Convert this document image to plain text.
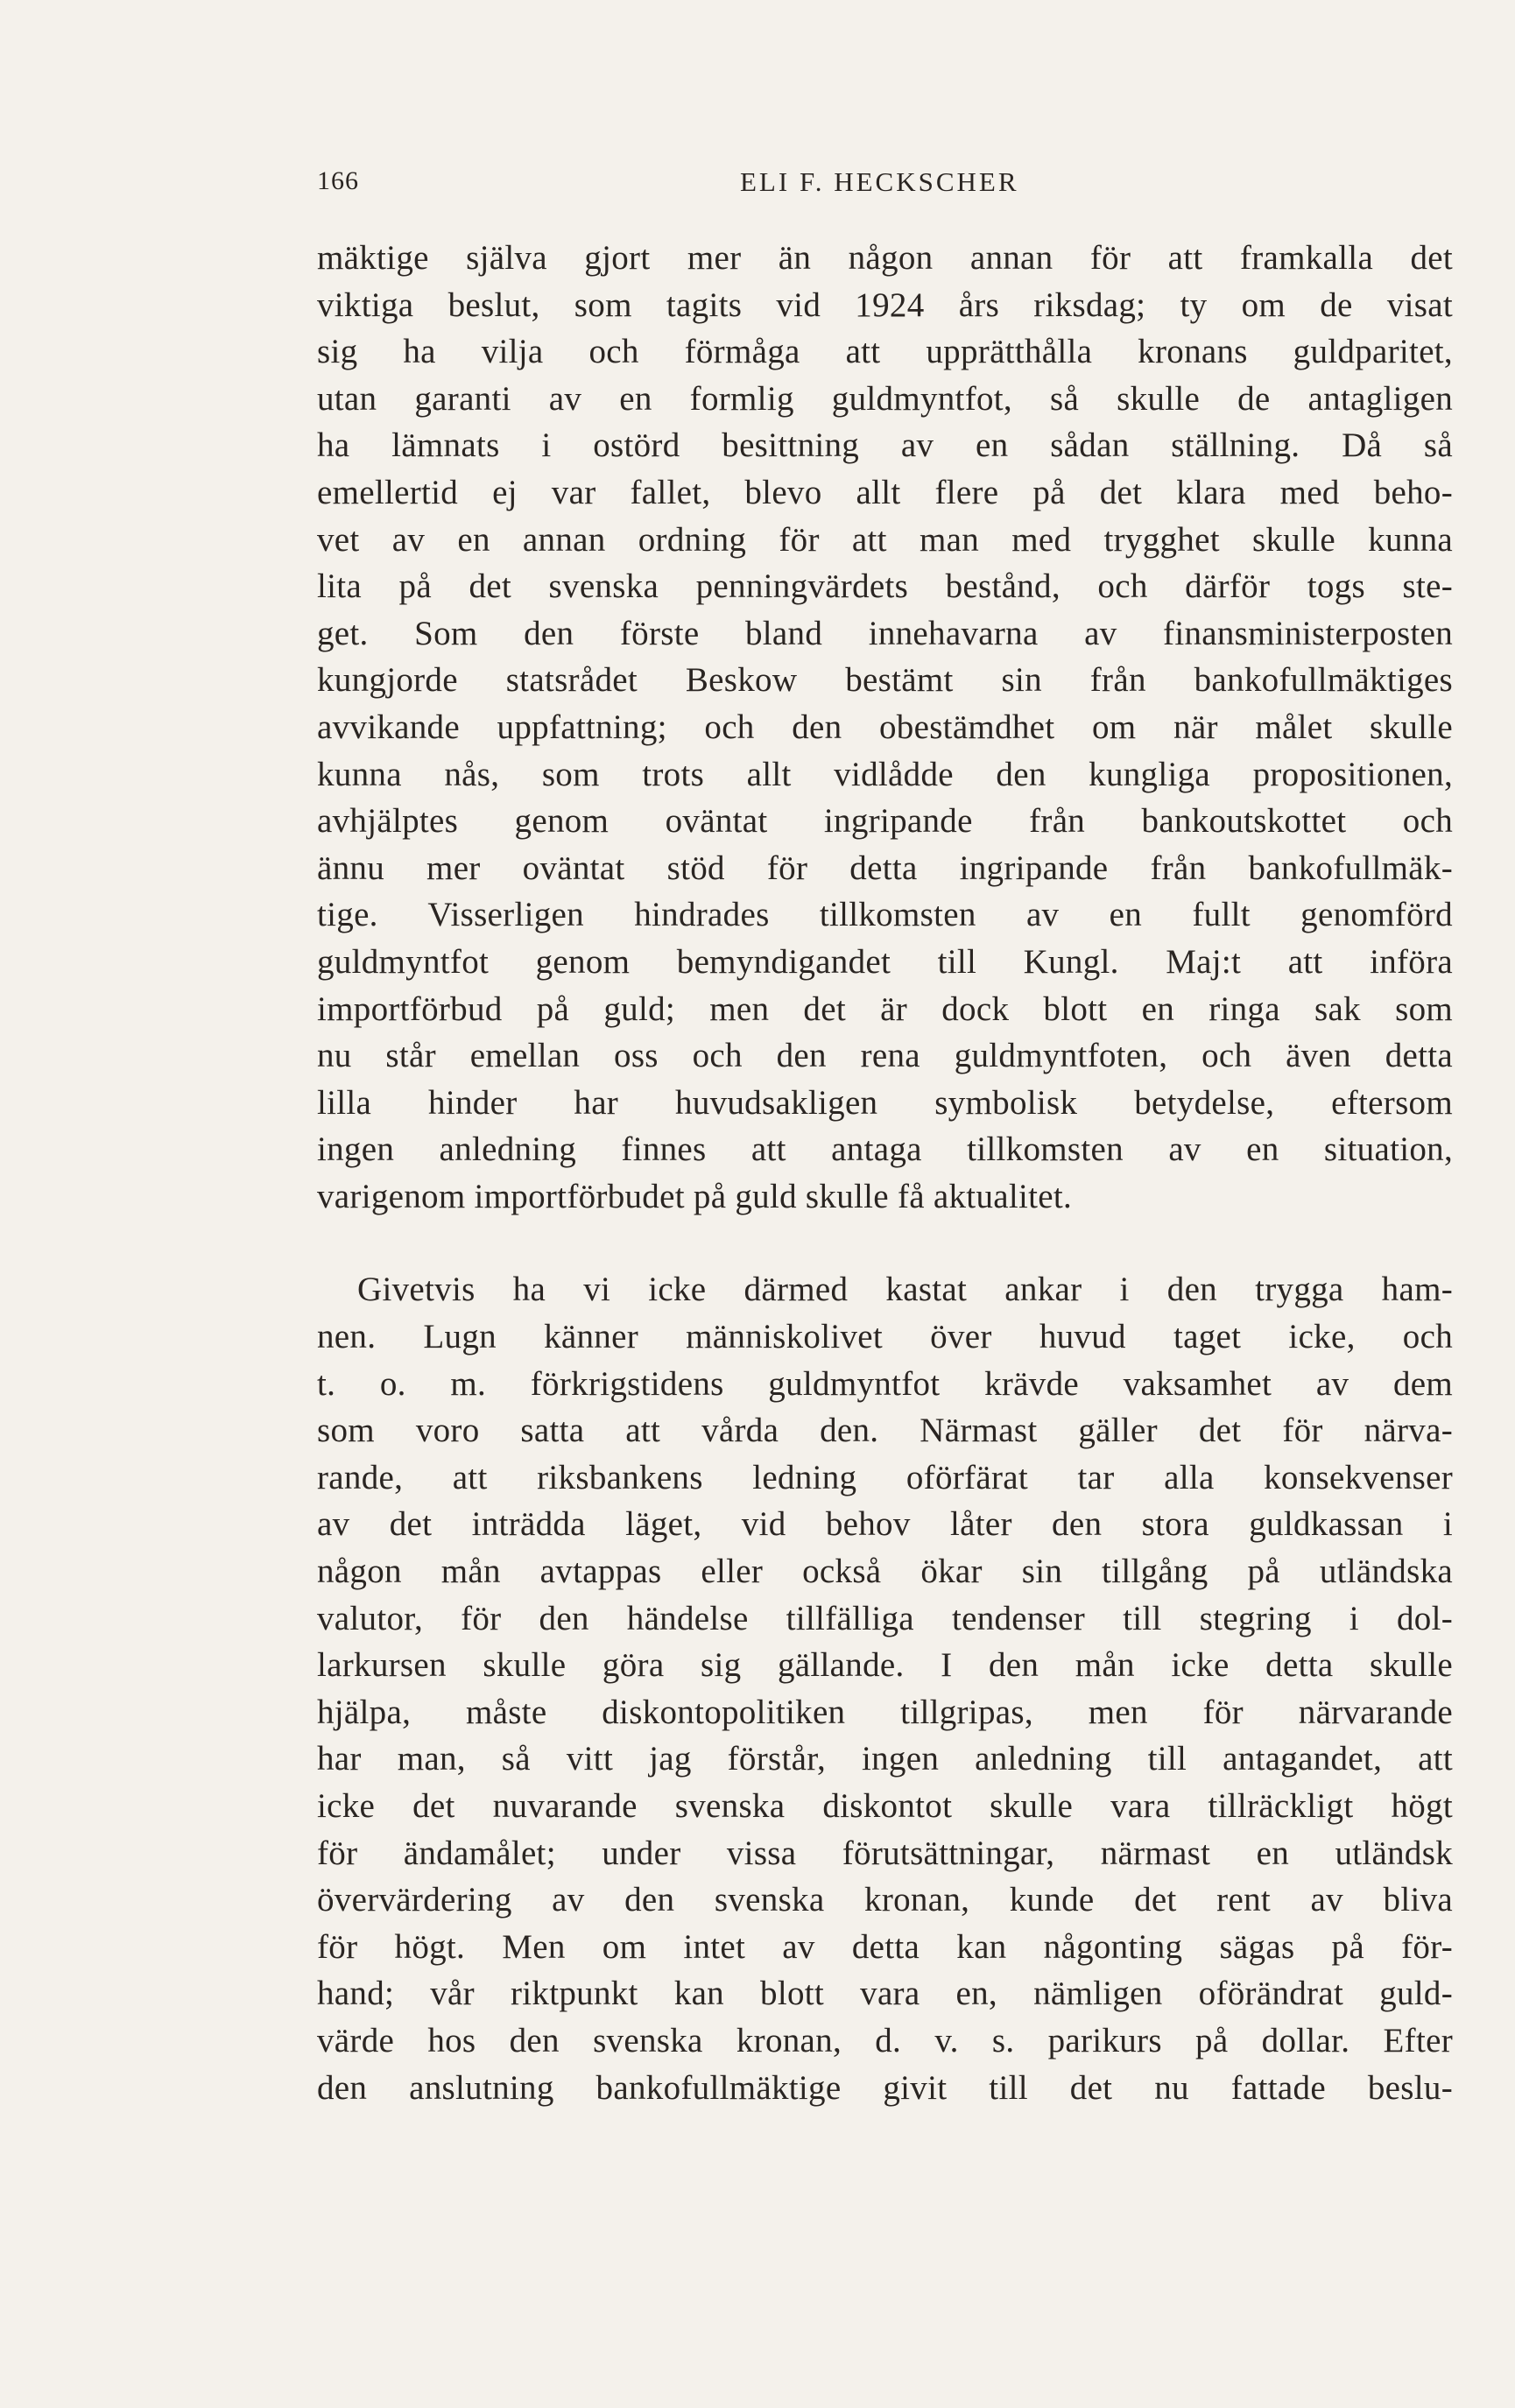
166	ELI F. HECKSCHER
mäktige själva gjort mer än någon annan för att framkalla det
viktiga beslut, som tagits vid 1924 års riksdag; ty om de visat
sig ha vilja och förmåga att upprätthålla kronans guldparitet,
utan garanti av en formlig guldmyntfot, så skulle de antagligen
ha lämnats i ostörd besittning av en sådan ställning. Då så
emellertid ej var fallet, blevo allt flere på det klara med beho-
vet av en annan ordning för att man med trygghet skulle kunna
lita på det svenska penningvärdets bestånd, och därför togs ste-
get. Som den förste bland innehavarna av finansministerposten
kungjorde statsrådet Beskow bestämt sin från bankofullmäktiges
avvikande uppfattning; och den obestämdhet om när målet skulle
kunna nås, som trots allt vidlådde den kungliga propositionen,
avhjälptes genom oväntat ingripande från bankoutskottet och
ännu mer oväntat stöd för detta ingripande från bankofullmäk-
tige. Visserligen hindrades tillkomsten av en fullt genomförd
guldmyntfot genom bemyndigandet till Kungl. Maj:t att införa
importförbud på guld; men det är dock blott en ringa sak som
nu står emellan oss och den rena guldmyntfoten, och även detta
lilla hinder har huvudsakligen symbolisk betydelse, eftersom
ingen anledning finnes att antaga tillkomsten av en situation,
varigenom importförbudet på guld skulle få aktualitet.
Givetvis ha vi icke därmed kastat ankar i den trygga ham-
nen. Lugn känner människolivet över huvud taget icke, och
t. o. m. förkrigstidens guldmyntfot krävde vaksamhet av dem
som voro satta att vårda den. Närmast gäller det för närva-
rande, att riksbankens ledning oförfärat tar alla konsekvenser
av det inträdda läget, vid behov låter den stora guldkassan i
någon mån avtappas eller också ökar sin tillgång på utländska
valutor, för den händelse tillfälliga tendenser till stegring i dol-
larkursen skulle göra sig gällande. I den mån icke detta skulle
hjälpa, måste diskontopolitiken tillgripas, men för närvarande
har man, så vitt jag förstår, ingen anledning till antagandet, att
icke det nuvarande svenska diskontot skulle vara tillräckligt högt
för ändamålet; under vissa förutsättningar, närmast en utländsk
övervärdering av den svenska kronan, kunde det rent av bliva
för högt. Men om intet av detta kan någonting sägas på för-
hand; vår riktpunkt kan blott vara en, nämligen oförändrat guld-
värde hos den svenska kronan, d. v. s. parikurs på dollar. Efter
den anslutning bankofullmäktige givit till det nu fattade beslu-
